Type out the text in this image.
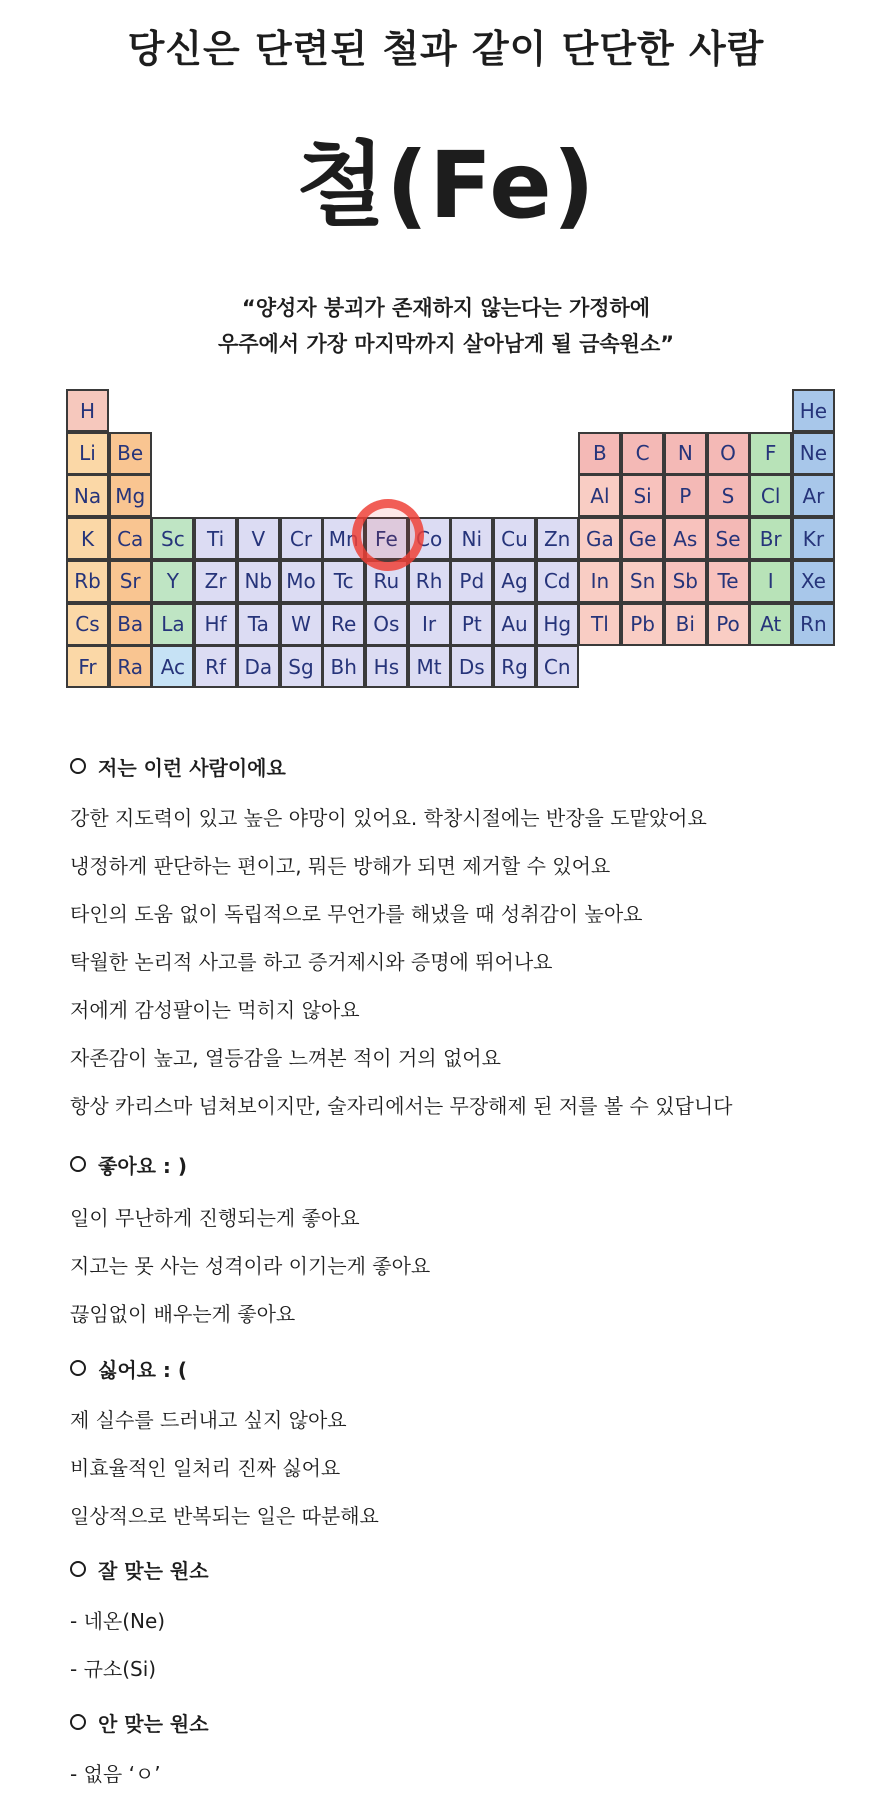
당신은 단련된 철과 같이 단단한 사람
철(Fe)
“양성자 붕괴가 존재하지 않는다는 가정하에
우주에서 가장 마지막까지 살아남게 될 금속원소”
H	He
Li	Be	B	C	N	O	F	Ne
Na Mg	Al	Si	P	S	Cl	Ar
K	Ca Sc	Ti	V	Cr Mn Fe Co Ni Cu Zn Ga Ge As Se Br	Kr
Rb Sr	Y	Zr Nb Mo Tc Ru Rh Pd Ag Cd	In	Sn Sb Te	I	Xe
Cs Ba La Hf	Ta	W	Re Os	Ir	Pt Au Hg Tl	Pb	Bi	Po	At Rn
Fr	Ra Ac	Rf Da Sg Bh Hs Mt Ds Rg Cn
저는 이런 사람이에요
강한 지도력이 있고 높은 야망이 있어요. 학창시절에는 반장을 도맡았어요
냉정하게 판단하는 편이고, 뭐든 방해가 되면 제거할 수 있어요
타인의 도움 없이 독립적으로 무언가를 해냈을 때 성취감이 높아요
탁월한 논리적 사고를 하고 증거제시와 증명에 뛰어나요
저에게 감성팔이는 먹히지 않아요
자존감이 높고, 열등감을 느껴본 적이 거의 없어요
항상 카리스마 넘쳐보이지만, 술자리에서는 무장해제 된 저를 볼 수 있답니다
좋아요 : )
일이 무난하게 진행되는게 좋아요
지고는 못 사는 성격이라 이기는게 좋아요
끊임없이 배우는게 좋아요
싫어요 : (
제 실수를 드러내고 싶지 않아요
비효율적인 일처리 진짜 싫어요
일상적으로 반복되는 일은 따분해요
잘 맞는 원소
- 네온(Ne)
- 규소(Si)
안 맞는 원소
- 없음 ‘ㅇ’
